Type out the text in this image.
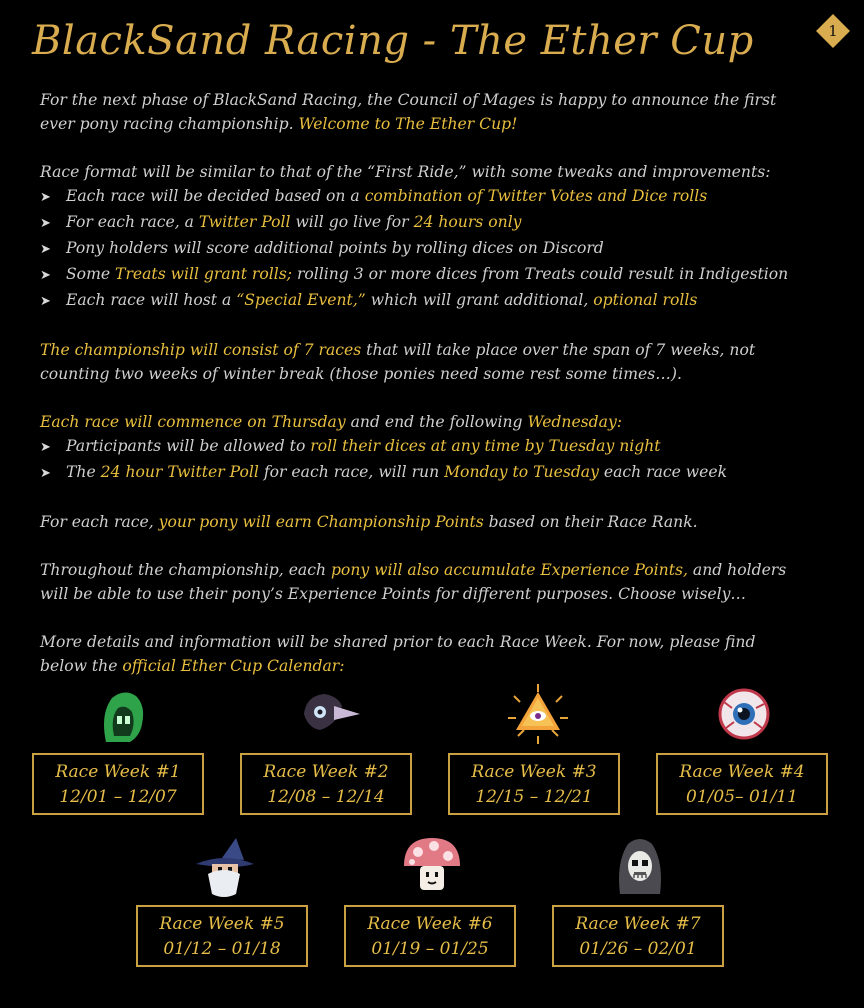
BlackSand Racing - The Ether Cup	1

For the next phase of BlackSand Racing, the Council of Mages is happy to announce the first
ever pony racing championship. Welcome to The Ether Cup!

Race format will be similar to that of the “First Ride,” with some tweaks and improvements:

➤ Each race will be decided based on a combination of Twitter Votes and Dice rolls
➤ For each race, a Twitter Poll will go live for 24 hours only
➤ Pony holders will score additional points by rolling dices on Discord
➤ Some Treats will grant rolls; rolling 3 or more dices from Treats could result in Indigestion
➤ Each race will host a “Special Event,” which will grant additional, optional rolls

The championship will consist of 7 races that will take place over the span of 7 weeks, not
counting two weeks of winter break (those ponies need some rest some times…).

Each race will commence on Thursday and end the following Wednesday:

➤ Participants will be allowed to roll their dices at any time by Tuesday night
➤ The 24 hour Twitter Poll for each race, will run Monday to Tuesday each race week

For each race, your pony will earn Championship Points based on their Race Rank.

Throughout the championship, each pony will also accumulate Experience Points, and holders
will be able to use their pony’s Experience Points for different purposes. Choose wisely…

More details and information will be shared prior to each Race Week. For now, please find
below the official Ether Cup Calendar:

Race Week #1
12/01 – 12/07
Race Week #2
12/08 – 12/14
Race Week #3
12/15 – 12/21
Race Week #4
01/05– 01/11
Race Week #5
01/12 – 01/18
Race Week #6
01/19 – 01/25
Race Week #7
01/26 – 02/01
